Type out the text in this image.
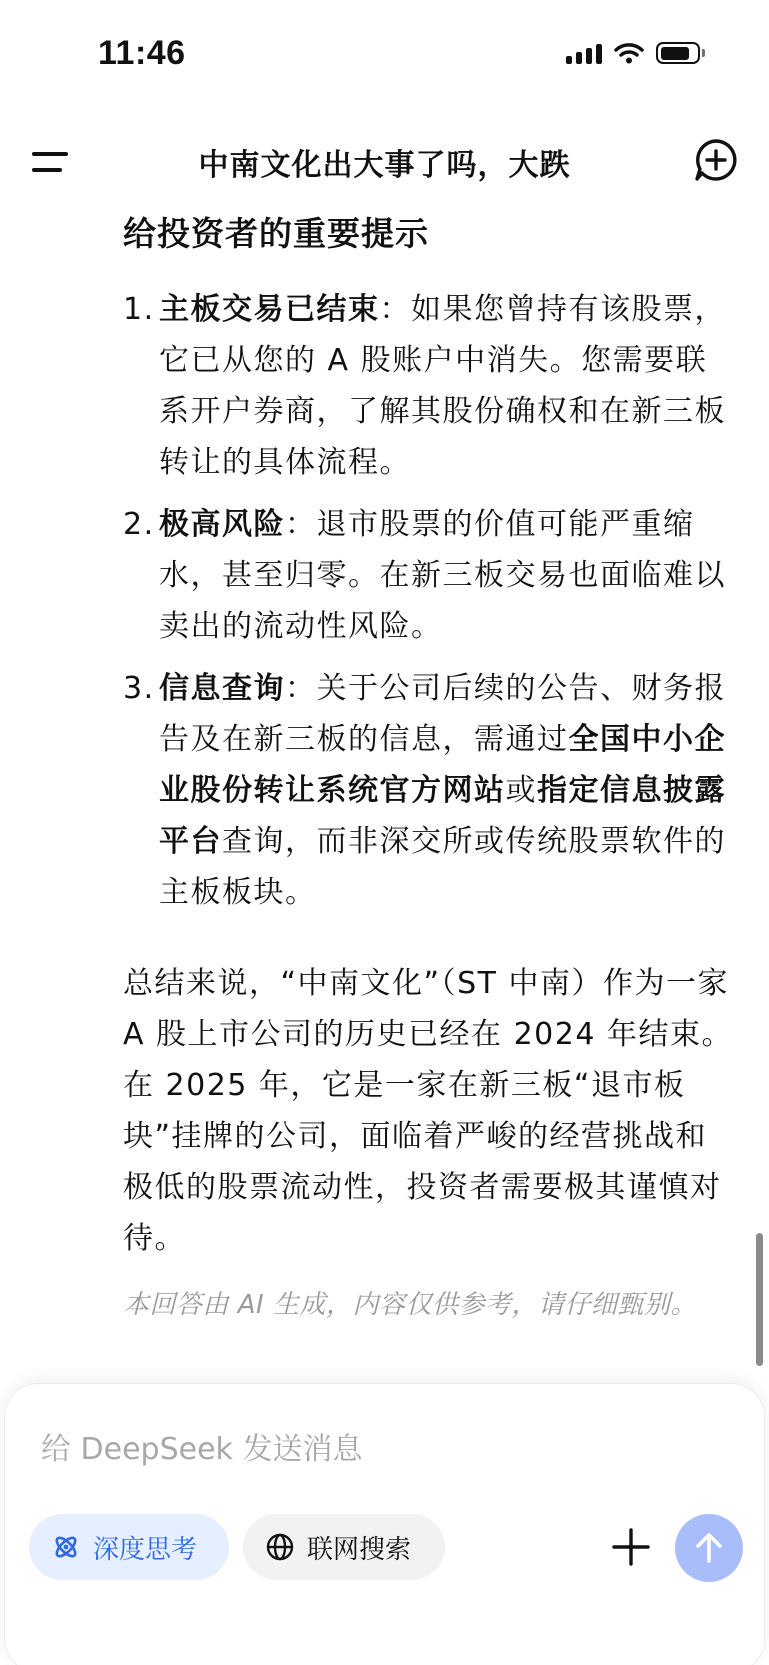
11:46
中南文化出大事了吗，大跌
给投资者的重要提示
1. 主板交易已结束：如果您曾持有该股票，它已从您的 A 股账户中消失。您需要联系开户券商，了解其股份确权和在新三板转让的具体流程。
2. 极高风险：退市股票的价值可能严重缩水，甚至归零。在新三板交易也面临难以卖出的流动性风险。
3. 信息查询：关于公司后续的公告、财务报告及在新三板的信息，需通过全国中小企业股份转让系统官方网站或指定信息披露平台查询，而非深交所或传统股票软件的主板板块。

总结来说，“中南文化”（ST 中南）作为一家 A 股上市公司的历史已经在 2024 年结束。在 2025 年，它是一家在新三板“退市板块”挂牌的公司，面临着严峻的经营挑战和极低的股票流动性，投资者需要极其谨慎对待。

本回答由 AI 生成，内容仅供参考，请仔细甄别。

给 DeepSeek 发送消息
深度思考	联网搜索
